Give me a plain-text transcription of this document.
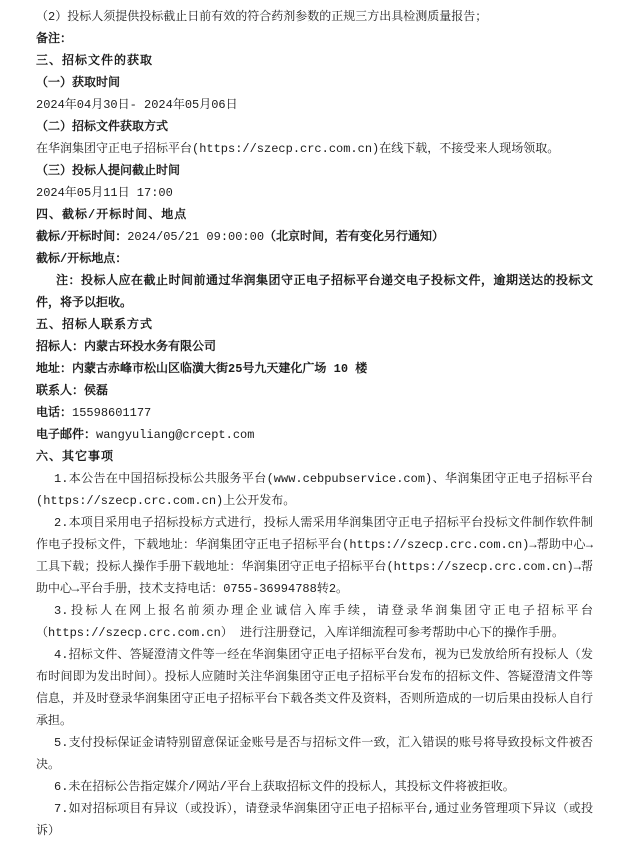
（2）投标人须提供投标截止日前有效的符合药剂参数的正规三方出具检测质量报告；

备注：

三、招标文件的获取

（一）获取时间

2024年04月30日- 2024年05月06日

（二）招标文件获取方式

在华润集团守正电子招标平台(https://szecp.crc.com.cn)在线下载，不接受来人现场领取。

（三）投标人提问截止时间

2024年05月11日 17:00

四、截标/开标时间、地点

截标/开标时间：2024/05/21 09:00:00（北京时间，若有变化另行通知）

截标/开标地点：

注：投标人应在截止时间前通过华润集团守正电子招标平台递交电子投标文件，逾期送达的投标文件，将予以拒收。

五、招标人联系方式

招标人：内蒙古环投水务有限公司

地址：内蒙古赤峰市松山区临潢大街25号九天建化广场 10 楼

联系人：侯磊

电话：15598601177

电子邮件：wangyuliang@crcept.com

六、其它事项

1.本公告在中国招标投标公共服务平台(www.cebpubservice.com)、华润集团守正电子招标平台(https://szecp.crc.com.cn)上公开发布。

2.本项目采用电子招标投标方式进行，投标人需采用华润集团守正电子招标平台投标文件制作软件制作电子投标文件，下载地址：华润集团守正电子招标平台(https://szecp.crc.com.cn)→帮助中心→工具下载；投标人操作手册下载地址：华润集团守正电子招标平台(https://szecp.crc.com.cn)→帮助中心→平台手册，技术支持电话：0755-36994788转2。

3.投标人在网上报名前须办理企业诚信入库手续，请登录华润集团守正电子招标平台（https://szecp.crc.com.cn） 进行注册登记，入库详细流程可参考帮助中心下的操作手册。

4.招标文件、答疑澄清文件等一经在华润集团守正电子招标平台发布，视为已发放给所有投标人（发布时间即为发出时间）。投标人应随时关注华润集团守正电子招标平台发布的招标文件、答疑澄清文件等信息，并及时登录华润集团守正电子招标平台下载各类文件及资料，否则所造成的一切后果由投标人自行承担。

5.支付投标保证金请特别留意保证金账号是否与招标文件一致，汇入错误的账号将导致投标文件被否决。

6.未在招标公告指定媒介/网站/平台上获取招标文件的投标人，其投标文件将被拒收。

7.如对招标项目有异议（或投诉），请登录华润集团守正电子招标平台,通过业务管理项下异议（或投诉）
